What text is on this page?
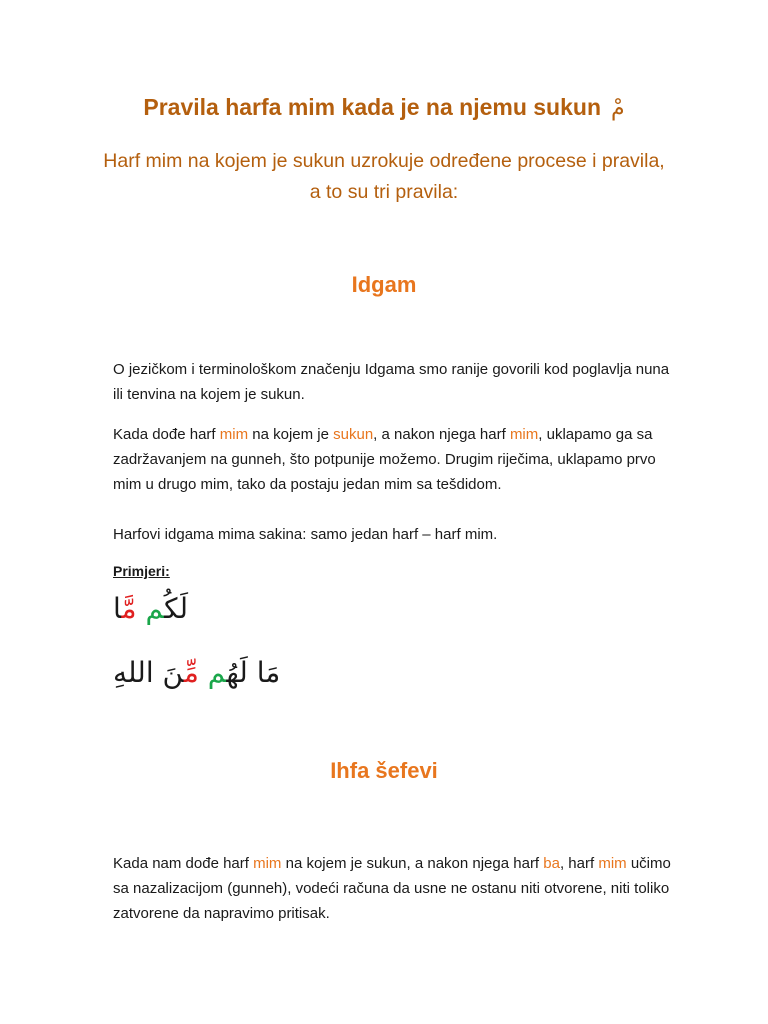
Pravila harfa mim kada je na njemu sukun مْ
Harf mim na kojem je sukun uzrokuje određene procese i pravila, a to su tri pravila:
Idgam
O jezičkom i terminološkom značenju Idgama smo ranije govorili kod poglavlja nuna ili tenvina na kojem je sukun.
Kada dođe harf mim na kojem je sukun, a nakon njega harf mim, uklapamo ga sa zadržavanjem na gunneh, što potpunije možemo. Drugim riječima, uklapamo prvo mim u drugo mim, tako da postaju jedan mim sa tešdidom.
Harfovi idgama mima sakina: samo jedan harf – harf mim.
Primjeri:
لَكُم مَّا
مَا لَهُم مِّنَ اللهِ
Ihfa šefevi
Kada nam dođe harf mim na kojem je sukun, a nakon njega harf ba, harf mim učimo sa nazalizacijom (gunneh), vodeći računa da usne ne ostanu niti otvorene, niti toliko zatvorene da napravimo pritisak.
